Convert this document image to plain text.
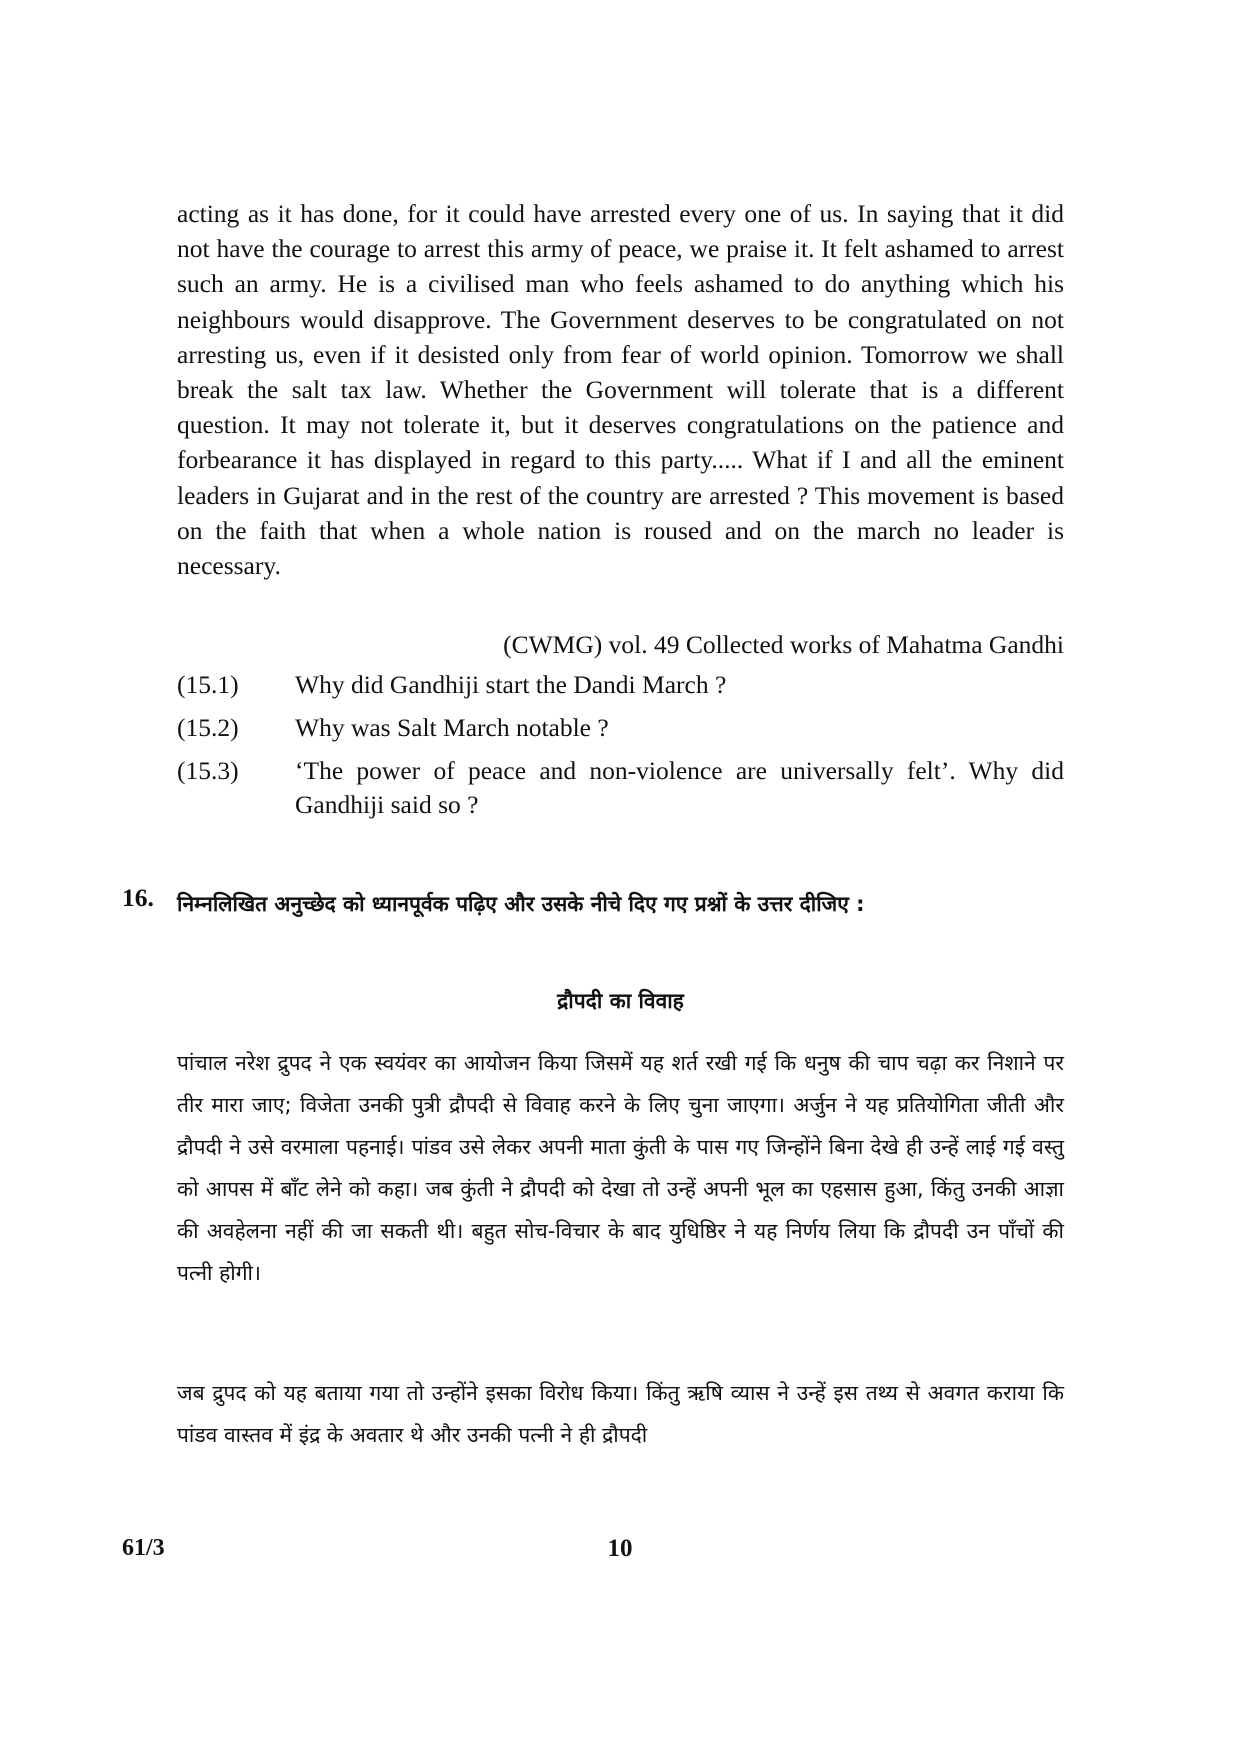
acting as it has done, for it could have arrested every one of us. In saying that it did not have the courage to arrest this army of peace, we praise it. It felt ashamed to arrest such an army. He is a civilised man who feels ashamed to do anything which his neighbours would disapprove. The Government deserves to be congratulated on not arresting us, even if it desisted only from fear of world opinion. Tomorrow we shall break the salt tax law. Whether the Government will tolerate that is a different question. It may not tolerate it, but it deserves congratulations on the patience and forbearance it has displayed in regard to this party..... What if I and all the eminent leaders in Gujarat and in the rest of the country are arrested ? This movement is based on the faith that when a whole nation is roused and on the march no leader is necessary.

(CWMG) vol. 49 Collected works of Mahatma Gandhi

(15.1) Why did Gandhiji start the Dandi March ?
(15.2) Why was Salt March notable ?
(15.3) ‘The power of peace and non-violence are universally felt’. Why did Gandhiji said so ?
16. निम्नलिखित अनुच्छेद को ध्यानपूर्वक पढ़िए और उसके नीचे दिए गए प्रश्नों के उत्तर दीजिए :

द्रौपदी का विवाह

पांचाल नरेश द्रुपद ने एक स्वयंवर का आयोजन किया जिसमें यह शर्त रखी गई कि धनुष की चाप चढ़ा कर निशाने पर तीर मारा जाए; विजेता उनकी पुत्री द्रौपदी से विवाह करने के लिए चुना जाएगा। अर्जुन ने यह प्रतियोगिता जीती और द्रौपदी ने उसे वरमाला पहनाई। पांडव उसे लेकर अपनी माता कुंती के पास गए जिन्होंने बिना देखे ही उन्हें लाई गई वस्तु को आपस में बाँट लेने को कहा। जब कुंती ने द्रौपदी को देखा तो उन्हें अपनी भूल का एहसास हुआ, किंतु उनकी आज्ञा की अवहेलना नहीं की जा सकती थी। बहुत सोच-विचार के बाद युधिष्ठिर ने यह निर्णय लिया कि द्रौपदी उन पाँचों की पत्नी होगी।

जब द्रुपद को यह बताया गया तो उन्होंने इसका विरोध किया। किंतु ऋषि व्यास ने उन्हें इस तथ्य से अवगत कराया कि पांडव वास्तव में इंद्र के अवतार थे और उनकी पत्नी ने ही द्रौपदी

61/3	10
